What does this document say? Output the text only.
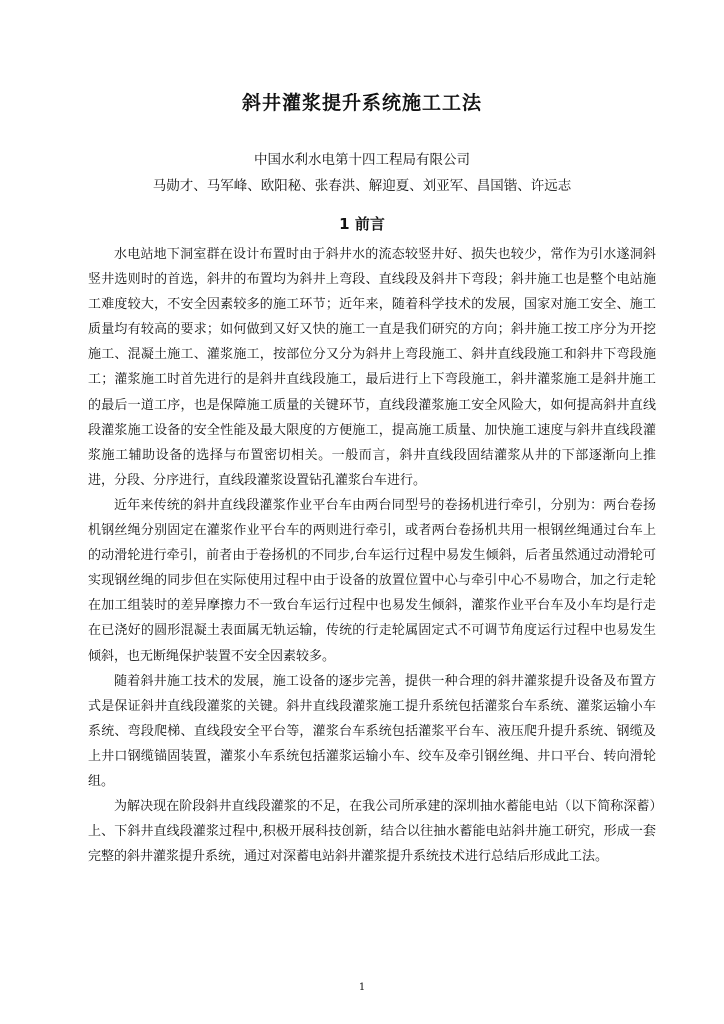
斜井灌浆提升系统施工工法
中国水利水电第十四工程局有限公司
马勋才、马军峰、欧阳秘、张春洪、解迎夏、刘亚军、昌国锴、许远志
1 前言

水电站地下洞室群在设计布置时由于斜井水的流态较竖井好、损失也较少，常作为引水遂洞斜竖井选则时的首选，斜井的布置均为斜井上弯段、直线段及斜井下弯段；斜井施工也是整个电站施工难度较大，不安全因素较多的施工环节；近年来，随着科学技术的发展，国家对施工安全、施工质量均有较高的要求；如何做到又好又快的施工一直是我们研究的方向；斜井施工按工序分为开挖施工、混凝土施工、灌浆施工，按部位分又分为斜井上弯段施工、斜井直线段施工和斜井下弯段施工；灌浆施工时首先进行的是斜井直线段施工，最后进行上下弯段施工，斜井灌浆施工是斜井施工的最后一道工序，也是保障施工质量的关键环节，直线段灌浆施工安全风险大，如何提高斜井直线段灌浆施工设备的安全性能及最大限度的方便施工，提高施工质量、加快施工速度与斜井直线段灌浆施工辅助设备的选择与布置密切相关。一般而言，斜井直线段固结灌浆从井的下部逐渐向上推进，分段、分序进行，直线段灌浆设置钻孔灌浆台车进行。

近年来传统的斜井直线段灌浆作业平台车由两台同型号的卷扬机进行牵引，分别为：两台卷扬机钢丝绳分别固定在灌浆作业平台车的两则进行牵引，或者两台卷扬机共用一根钢丝绳通过台车上的动滑轮进行牵引，前者由于卷扬机的不同步,台车运行过程中易发生倾斜，后者虽然通过动滑轮可实现钢丝绳的同步但在实际使用过程中由于设备的放置位置中心与牵引中心不易吻合，加之行走轮在加工组装时的差异摩擦力不一致台车运行过程中也易发生倾斜，灌浆作业平台车及小车均是行走在已浇好的圆形混凝土表面属无轨运输，传统的行走轮属固定式不可调节角度运行过程中也易发生倾斜，也无断绳保护装置不安全因素较多。

随着斜井施工技术的发展，施工设备的逐步完善，提供一种合理的斜井灌浆提升设备及布置方式是保证斜井直线段灌浆的关键。斜井直线段灌浆施工提升系统包括灌浆台车系统、灌浆运输小车系统、弯段爬梯、直线段安全平台等，灌浆台车系统包括灌浆平台车、液压爬升提升系统、钢缆及上井口钢缆锚固装置，灌浆小车系统包括灌浆运输小车、绞车及牵引钢丝绳、井口平台、转向滑轮组。

为解决现在阶段斜井直线段灌浆的不足，在我公司所承建的深圳抽水蓄能电站（以下简称深蓄）上、下斜井直线段灌浆过程中,积极开展科技创新，结合以往抽水蓄能电站斜井施工研究，形成一套完整的斜井灌浆提升系统，通过对深蓄电站斜井灌浆提升系统技术进行总结后形成此工法。

1
